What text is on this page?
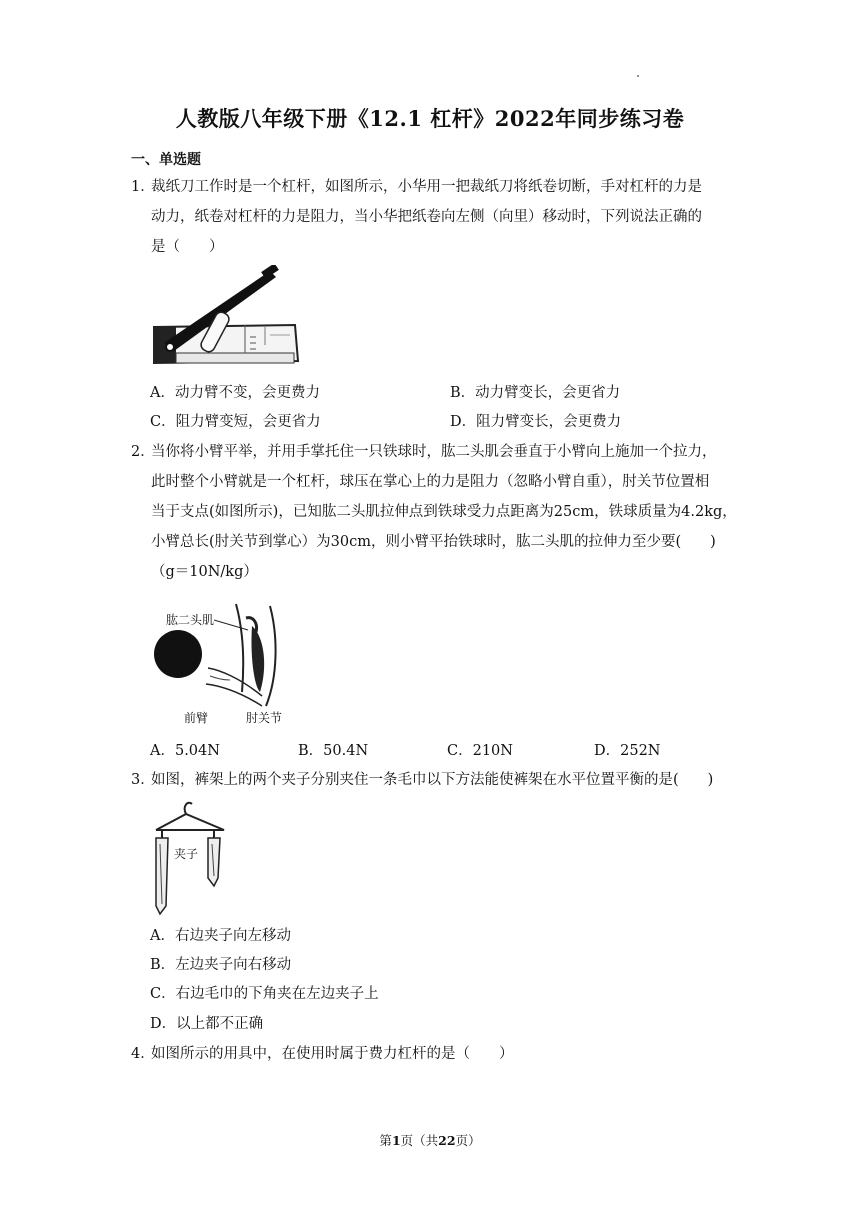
人教版八年级下册《12.1 杠杆》2022年同步练习卷
一、单选题
1．裁纸刀工作时是一个杠杆，如图所示，小华用一把裁纸刀将纸卷切断，手对杠杆的力是
动力，纸卷对杠杆的力是阻力，当小华把纸卷向左侧（向里）移动时，下列说法正确的
是（　　）
A．动力臂不变，会更费力	B．动力臂变长，会更省力
C．阻力臂变短，会更省力	D．阻力臂变长，会更费力
2．当你将小臂平举，并用手掌托住一只铁球时，肱二头肌会垂直于小臂向上施加一个拉力，
此时整个小臂就是一个杠杆，球压在掌心上的力是阻力（忽略小臂自重），肘关节位置相
当于支点(如图所示)，已知肱二头肌拉伸点到铁球受力点距离为25cm，铁球质量为4.2kg，
小臂总长(肘关节到掌心）为30cm，则小臂平抬铁球时，肱二头肌的拉伸力至少要(　　)
（g＝10N/kg）
肱二头肌
前臂	肘关节
A．5.04N	B．50.4N	C．210N	D．252N
3．如图，裤架上的两个夹子分别夹住一条毛巾以下方法能使裤架在水平位置平衡的是(　　)
夹子
A．右边夹子向左移动
B．左边夹子向右移动
C．右边毛巾的下角夹在左边夹子上
D．以上都不正确
4．如图所示的用具中，在使用时属于费力杠杆的是（　　）
第1页（共22页）
